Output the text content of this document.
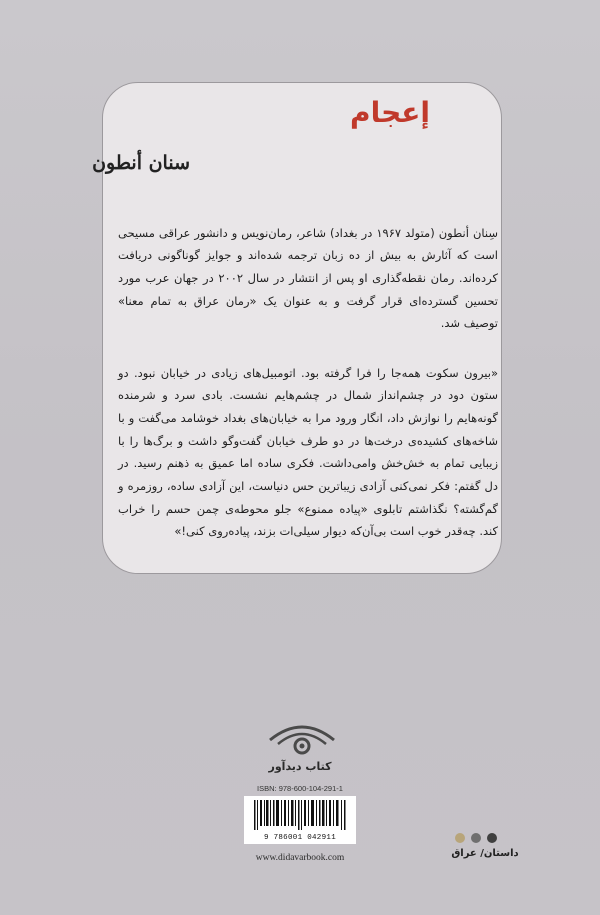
إعجام
سنان أنطون

سِنان أنطون (متولد ۱۹۶۷ در بغداد) شاعر، رمان‌نویس و دانشور عراقی مسیحی است که آثارش به بیش از ده زبان ترجمه شده‌اند و جوایز گوناگونی دریافت کرده‌اند. رمان نقطه‌گذاری او پس از انتشار در سال ۲۰۰۲ در جهان عرب مورد تحسین گسترده‌ای قرار گرفت و به عنوان یک «رمان عراق به تمام معنا» توصیف شد.

«بیرون سکوت همه‌جا را فرا گرفته بود. اتومبیل‌های زیادی در خیابان نبود. دو ستون دود در چشم‌انداز شمال در چشم‌هایم نشست. بادی سرد و شرمنده گونه‌هایم را نوازش داد، انگار ورود مرا به خیابان‌های بغداد خوشامد می‌گفت و با شاخه‌های کشیده‌ی درخت‌ها در دو طرف خیابان گفت‌وگو داشت و برگ‌ها را با زیبایی تمام به خش‌خش وامی‌داشت. فکری ساده اما عمیق به ذهنم رسید. در دل گفتم: فکر نمی‌کنی آزادی زیباترین حس دنیاست، این آزادی ساده، روزمره و گم‌گشته؟ نگذاشتم تابلوی «پیاده ممنوع» جلو محوطه‌ی چمن حسم را خراب کند. چه‌قدر خوب است بی‌آن‌که دیوار سیلی‌ات بزند، پیاده‌روی کنی!»

کتاب دیدآور
ISBN: 978-600-104-291-1
9 786001 042911
www.didavarbook.com	داستان/ عراق
